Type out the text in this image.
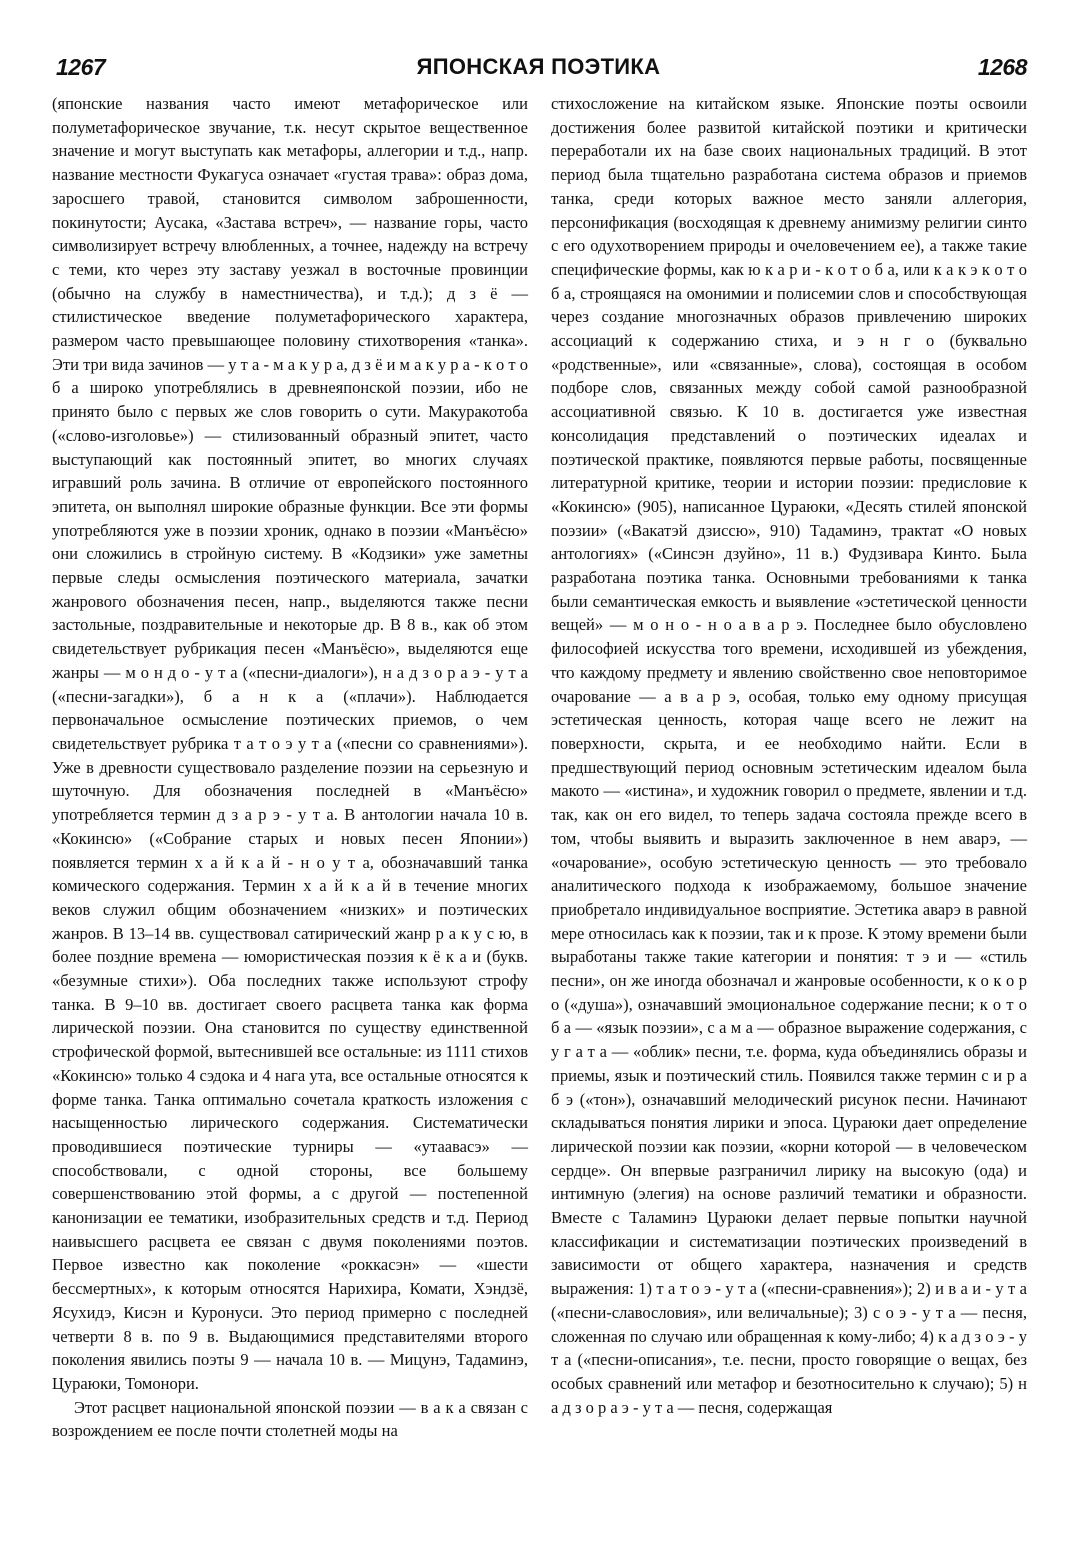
1267	ЯПОНСКАЯ ПОЭТИКА	1268

(японские названия часто имеют метафорическое или полуметафорическое звучание, т.к. несут скрытое вещественное значение и могут выступать как метафоры, аллегории и т.д., напр. название местности Фукагуса означает «густая трава»: образ дома, заросшего травой, становится символом заброшенности, покинутости; Аусака, «Застава встреч», — название горы, часто символизирует встречу влюбленных, а точнее, надежду на встречу с теми, кто через эту заставу уезжал в восточные провинции (обычно на службу в наместничества), и т.д.); д з ё — стилистическое введение полуметафорического характера, размером часто превышающее половину стихотворения «танка». Эти три вида зачинов — у т а - м а к у р а, д з ё и м а к у р а - к о т о б а широко употреблялись в древнеяпонской поэзии, ибо не принято было с первых же слов говорить о сути. Макуракотоба («слово-изголовье») — стилизованный образный эпитет, часто выступающий как постоянный эпитет, во многих случаях игравший роль зачина. В отличие от европейского постоянного эпитета, он выполнял широкие образные функции. Все эти формы употребляются уже в поэзии хроник, однако в поэзии «Манъёсю» они сложились в стройную систему. В «Кодзики» уже заметны первые следы осмысления поэтического материала, зачатки жанрового обозначения песен, напр., выделяются также песни застольные, поздравительные и некоторые др. В 8 в., как об этом свидетельствует рубрикация песен «Манъёсю», выделяются еще жанры — м о н д о - у т а («песни-диалоги»), н а д з о р а э - у т а («песни-загадки»), б а н к а («плачи»). Наблюдается первоначальное осмысление поэтических приемов, о чем свидетельствует рубрика т а т о э у т а («песни со сравнениями»). Уже в древности существовало разделение поэзии на серьезную и шуточную. Для обозначения последней в «Манъёсю» употребляется термин д з а р э - у т а. В антологии начала 10 в. «Кокинсю» («Собрание старых и новых песен Японии») появляется термин х а й к а й - н о у т а, обозначавший танка комического содержания. Термин х а й к а й в течение многих веков служил общим обозначением «низких» и поэтических жанров. В 13–14 вв. существовал сатирический жанр р а к у с ю, в более поздние времена — юмористическая поэзия к ё к а и (букв. «безумные стихи»). Оба последних также используют строфу танка. В 9–10 вв. достигает своего расцвета танка как форма лирической поэзии. Она становится по существу единственной строфической формой, вытеснившей все остальные: из 1111 стихов «Кокинсю» только 4 сэдока и 4 нага ута, все остальные относятся к форме танка. Танка оптимально сочетала краткость изложения с насыщенностью лирического содержания. Систематически проводившиеся поэтические турниры — «утаавасэ» — способствовали, с одной стороны, все большему совершенствованию этой формы, а с другой — постепенной канонизации ее тематики, изобразительных средств и т.д. Период наивысшего расцвета ее связан с двумя поколениями поэтов. Первое известно как поколение «роккасэн» — «шести бессмертных», к которым относятся Нарихира, Комати, Хэндзё, Ясухидэ, Кисэн и Куронуси. Это период примерно с последней четверти 8 в. по 9 в. Выдающимися представителями второго поколения явились поэты 9 — начала 10 в. — Мицунэ, Тадаминэ, Цураюки, Томонори.

Этот расцвет национальной японской поэзии — в а к а связан с возрождением ее после почти столетней моды на

стихосложение на китайском языке. Японские поэты освоили достижения более развитой китайской поэтики и критически переработали их на базе своих национальных традиций. В этот период была тщательно разработана система образов и приемов танка, среди которых важное место заняли аллегория, персонификация (восходящая к древнему анимизму религии синто с его одухотворением природы и очеловечением ее), а также такие специфические формы, как ю к а р и - к о т о б а, или к а к э к о т о б а, строящаяся на омонимии и полисемии слов и способствующая через создание многозначных образов привлечению широких ассоциаций к содержанию стиха, и э н г о (буквально «родственные», или «связанные», слова), состоящая в особом подборе слов, связанных между собой самой разнообразной ассоциативной связью. К 10 в. достигается уже известная консолидация представлений о поэтических идеалах и поэтической практике, появляются первые работы, посвященные литературной критике, теории и истории поэзии: предисловие к «Кокинсю» (905), написанное Цураюки, «Десять стилей японской поэзии» («Вакатэй дзиссю», 910) Тадаминэ, трактат «О новых антологиях» («Синсэн дзуйно», 11 в.) Фудзивара Кинто. Была разработана поэтика танка. Основными требованиями к танка были семантическая емкость и выявление «эстетической ценности вещей» — м о н о - н о а в а р э. Последнее было обусловлено философией искусства того времени, исходившей из убеждения, что каждому предмету и явлению свойственно свое неповторимое очарование — а в а р э, особая, только ему одному присущая эстетическая ценность, которая чаще всего не лежит на поверхности, скрыта, и ее необходимо найти. Если в предшествующий период основным эстетическим идеалом была макото — «истина», и художник говорил о предмете, явлении и т.д. так, как он его видел, то теперь задача состояла прежде всего в том, чтобы выявить и выразить заключенное в нем аварэ, — «очарование», особую эстетическую ценность — это требовало аналитического подхода к изображаемому, большое значение приобретало индивидуальное восприятие. Эстетика аварэ в равной мере относилась как к поэзии, так и к прозе. К этому времени были выработаны также такие категории и понятия: т э и — «стиль песни», он же иногда обозначал и жанровые особенности, к о к о р о («душа»), означавший эмоциональное содержание песни; к о т о б а — «язык поэзии», с а м а — образное выражение содержания, с у г а т а — «облик» песни, т.е. форма, куда объединялись образы и приемы, язык и поэтический стиль. Появился также термин с и р а б э («тон»), означавший мелодический рисунок песни. Начинают складываться понятия лирики и эпоса. Цураюки дает определение лирической поэзии как поэзии, «корни которой — в человеческом сердце». Он впервые разграничил лирику на высокую (ода) и интимную (элегия) на основе различий тематики и образности. Вместе с Таламинэ Цураюки делает первые попытки научной классификации и систематизации поэтических произведений в зависимости от общего характера, назначения и средств выражения: 1) т а т о э - у т а («песни-сравнения»); 2) и в а и - у т а («песни-славословия», или величальные); 3) с о э - у т а — песня, сложенная по случаю или обращенная к кому-либо; 4) к а д з о э - у т а («песни-описания», т.е. песни, просто говорящие о вещах, без особых сравнений или метафор и безотносительно к случаю); 5) н а д з о р а э - у т а — песня, содержащая
